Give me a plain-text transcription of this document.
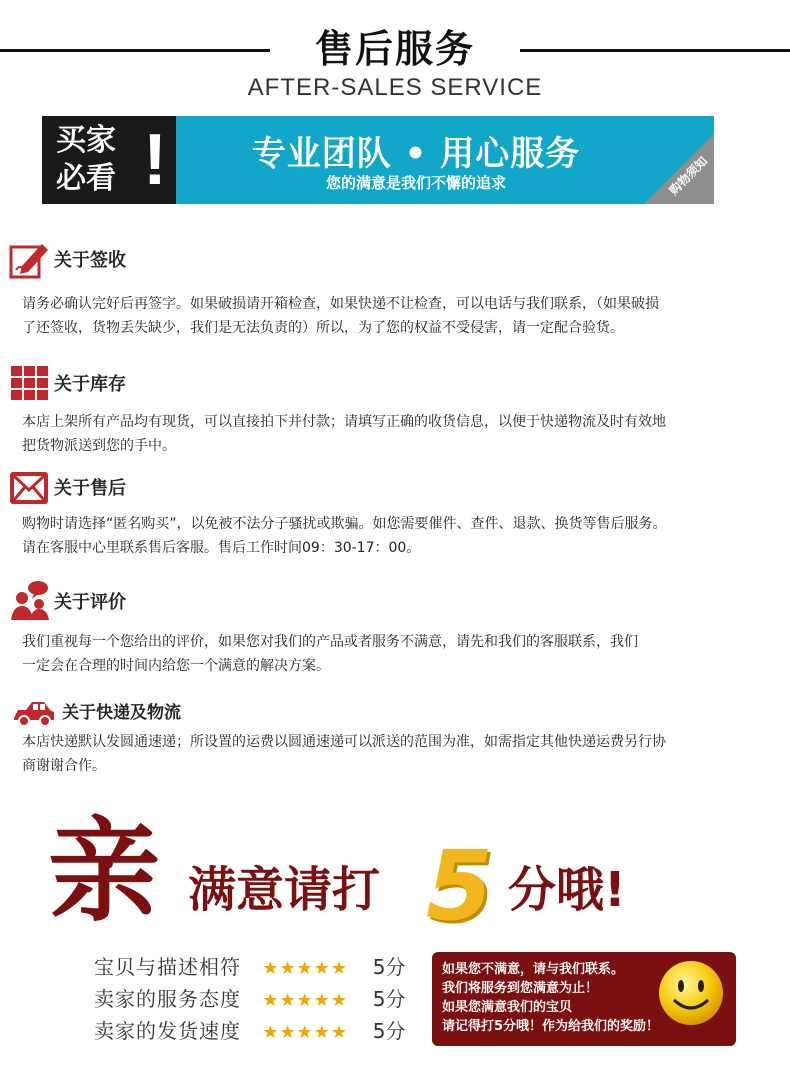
售后服务
AFTER-SALES SERVICE
买家必看 !	专业团队 • 用心服务
您的满意是我们不懈的追求	购物须知
关于签收
请务必确认完好后再签字。如果破损请开箱检查，如果快递不让检查，可以电话与我们联系，（如果破损
了还签收，货物丢失缺少，我们是无法负责的）所以，为了您的权益不受侵害，请一定配合验货。
关于库存
本店上架所有产品均有现货，可以直接拍下并付款；请填写正确的收货信息，以便于快递物流及时有效地
把货物派送到您的手中。
关于售后
购物时请选择“匿名购买”，以免被不法分子骚扰或欺骗。如您需要催件、查件、退款、换货等售后服务。
请在客服中心里联系售后客服。售后工作时间09：30-17：00。
关于评价
我们重视每一个您给出的评价，如果您对我们的产品或者服务不满意，请先和我们的客服联系，我们
一定会在合理的时间内给您一个满意的解决方案。
关于快递及物流
本店快递默认发圆通速递；所设置的运费以圆通速递可以派送的范围为准，如需指定其他快递运费另行协
商谢谢合作。
亲 满意请打 5 分哦!
宝贝与描述相符 ★★★★★ 5分
卖家的服务态度 ★★★★★ 5分
卖家的发货速度 ★★★★★ 5分
如果您不满意，请与我们联系。
我们将服务到您满意为止！
如果您满意我们的宝贝
请记得打5分哦！作为给我们的奖励！
